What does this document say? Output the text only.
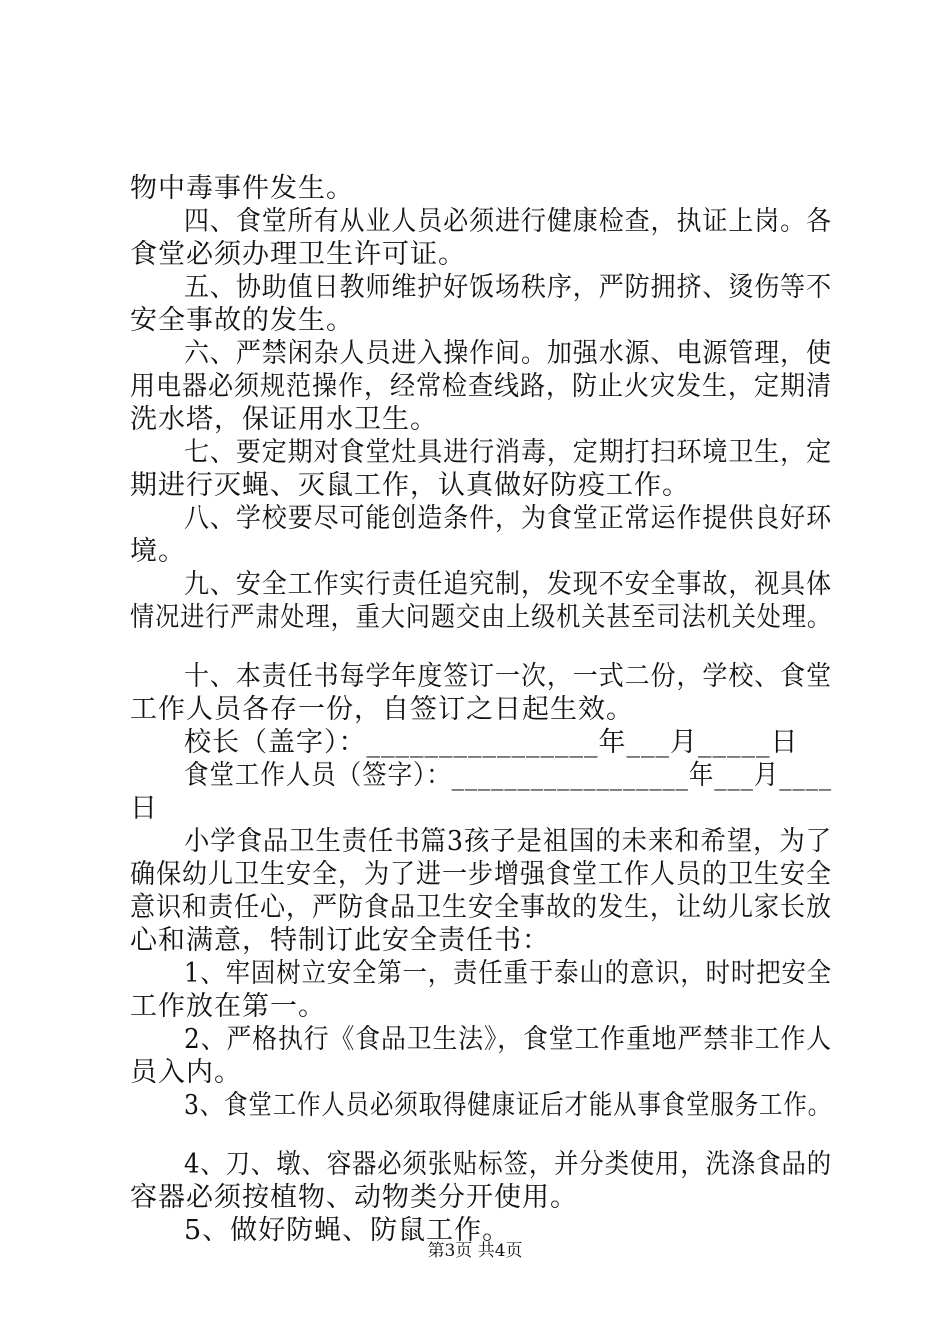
物中毒事件发生。
四、食堂所有从业人员必须进行健康检查，执证上岗。各
食堂必须办理卫生许可证。
五、协助值日教师维护好饭场秩序，严防拥挤、烫伤等不
安全事故的发生。
六、严禁闲杂人员进入操作间。加强水源、电源管理，使
用电器必须规范操作，经常检查线路，防止火灾发生，定期清
洗水塔，保证用水卫生。
七、要定期对食堂灶具进行消毒，定期打扫环境卫生，定
期进行灭蝇、灭鼠工作，认真做好防疫工作。
八、学校要尽可能创造条件，为食堂正常运作提供良好环
境。
九、安全工作实行责任追究制，发现不安全事故，视具体
情况进行严肃处理，重大问题交由上级机关甚至司法机关处理。
十、本责任书每学年度签订一次，一式二份，学校、食堂
工作人员各存一份，自签订之日起生效。
校长（盖字）：________________年___月_____日
食堂工作人员（签字）：__________________年___月____
日
小学食品卫生责任书篇3孩子是祖国的未来和希望，为了
确保幼儿卫生安全，为了进一步增强食堂工作人员的卫生安全
意识和责任心，严防食品卫生安全事故的发生，让幼儿家长放
心和满意，特制订此安全责任书：
1、牢固树立安全第一，责任重于泰山的意识，时时把安全
工作放在第一。
2、严格执行《食品卫生法》，食堂工作重地严禁非工作人
员入内。
3、食堂工作人员必须取得健康证后才能从事食堂服务工作。
4、刀、墩、容器必须张贴标签，并分类使用，洗涤食品的
容器必须按植物、动物类分开使用。
5、做好防蝇、防鼠工作。
第3页 共4页
